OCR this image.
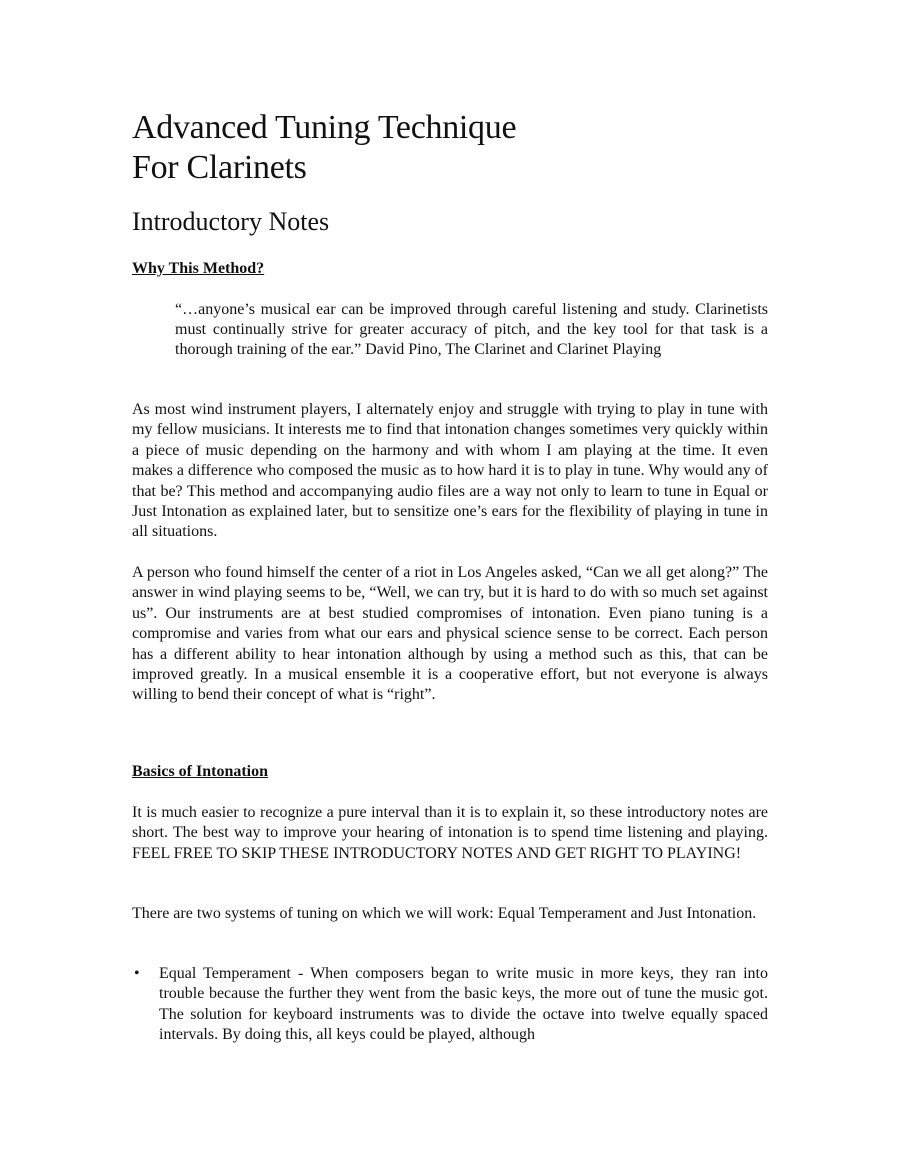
Advanced Tuning Technique
For Clarinets
Introductory Notes
Why This Method?

“…anyone’s musical ear can be improved through careful listening and study. Clarinetists must continually strive for greater accuracy of pitch, and the key tool for that task is a thorough training of the ear.” David Pino, The Clarinet and Clarinet Playing

As most wind instrument players, I alternately enjoy and struggle with trying to play in tune with my fellow musicians. It interests me to find that intonation changes sometimes very quickly within a piece of music depending on the harmony and with whom I am playing at the time. It even makes a difference who composed the music as to how hard it is to play in tune. Why would any of that be? This method and accompanying audio files are a way not only to learn to tune in Equal or Just Intonation as explained later, but to sensitize one’s ears for the flexibility of playing in tune in all situations.

A person who found himself the center of a riot in Los Angeles asked, “Can we all get along?” The answer in wind playing seems to be, “Well, we can try, but it is hard to do with so much set against us”. Our instruments are at best studied compromises of intonation. Even piano tuning is a compromise and varies from what our ears and physical science sense to be correct. Each person has a different ability to hear intonation although by using a method such as this, that can be improved greatly. In a musical ensemble it is a cooperative effort, but not everyone is always willing to bend their concept of what is “right”.

Basics of Intonation

It is much easier to recognize a pure interval than it is to explain it, so these introductory notes are short. The best way to improve your hearing of intonation is to spend time listening and playing. FEEL FREE TO SKIP THESE INTRODUCTORY NOTES AND GET RIGHT TO PLAYING!

There are two systems of tuning on which we will work: Equal Temperament and Just Intonation.

• Equal Temperament - When composers began to write music in more keys, they ran into trouble because the further they went from the basic keys, the more out of tune the music got. The solution for keyboard instruments was to divide the octave into twelve equally spaced intervals. By doing this, all keys could be played, although
